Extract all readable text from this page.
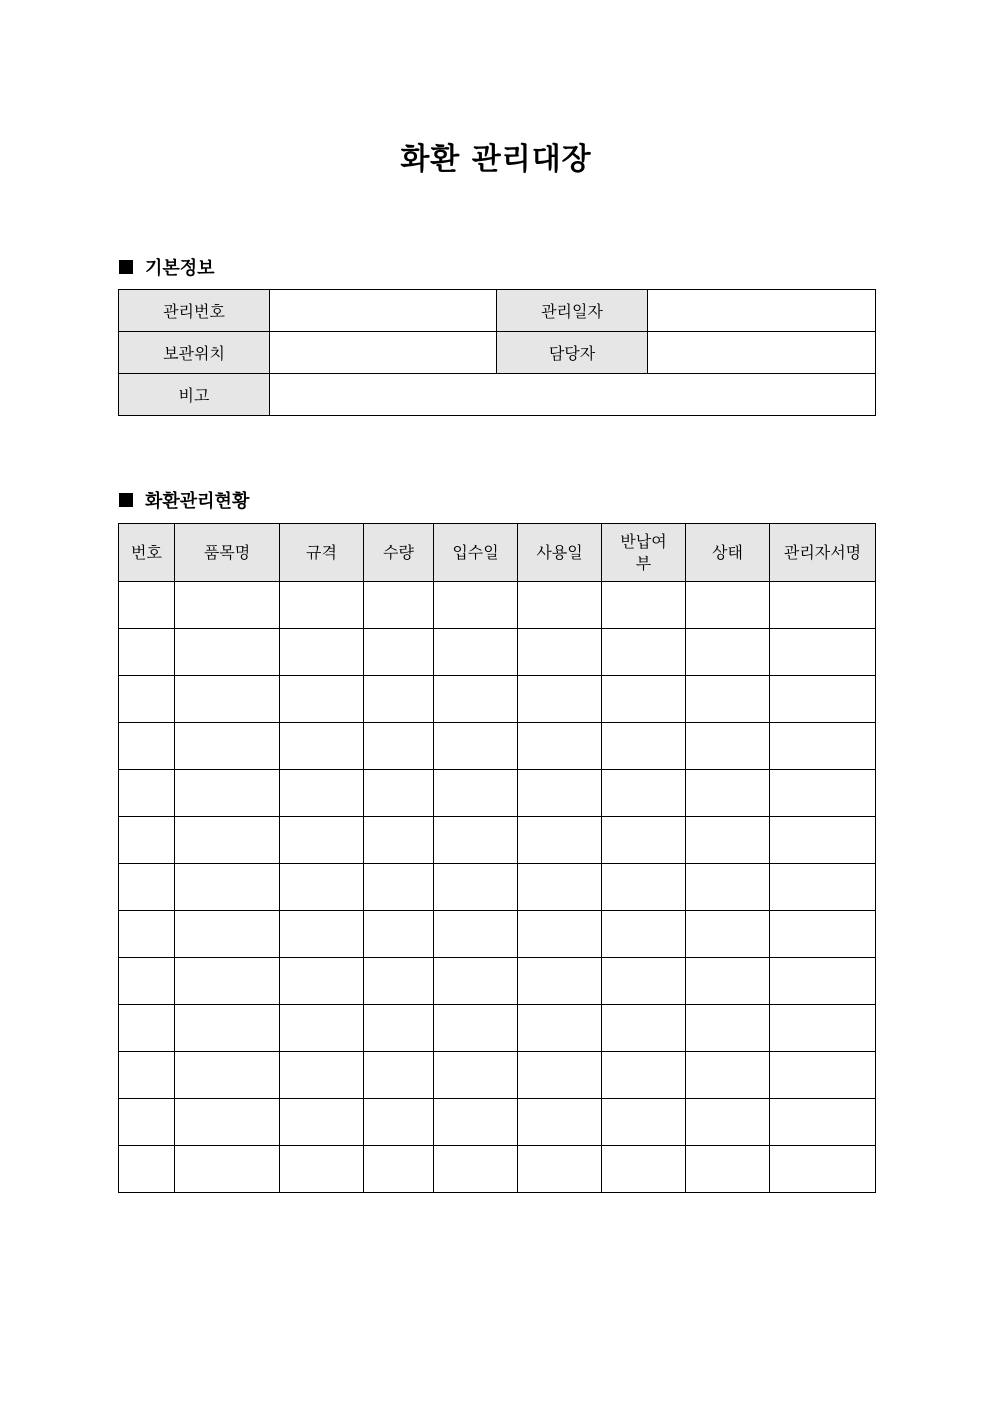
화환 관리대장
기본정보
관리번호		관리일자	
보관위치		담당자	
비고			
화환관리현황
번호	품목명	규격	수량	입수일	사용일	반납여부	상태	관리자서명
